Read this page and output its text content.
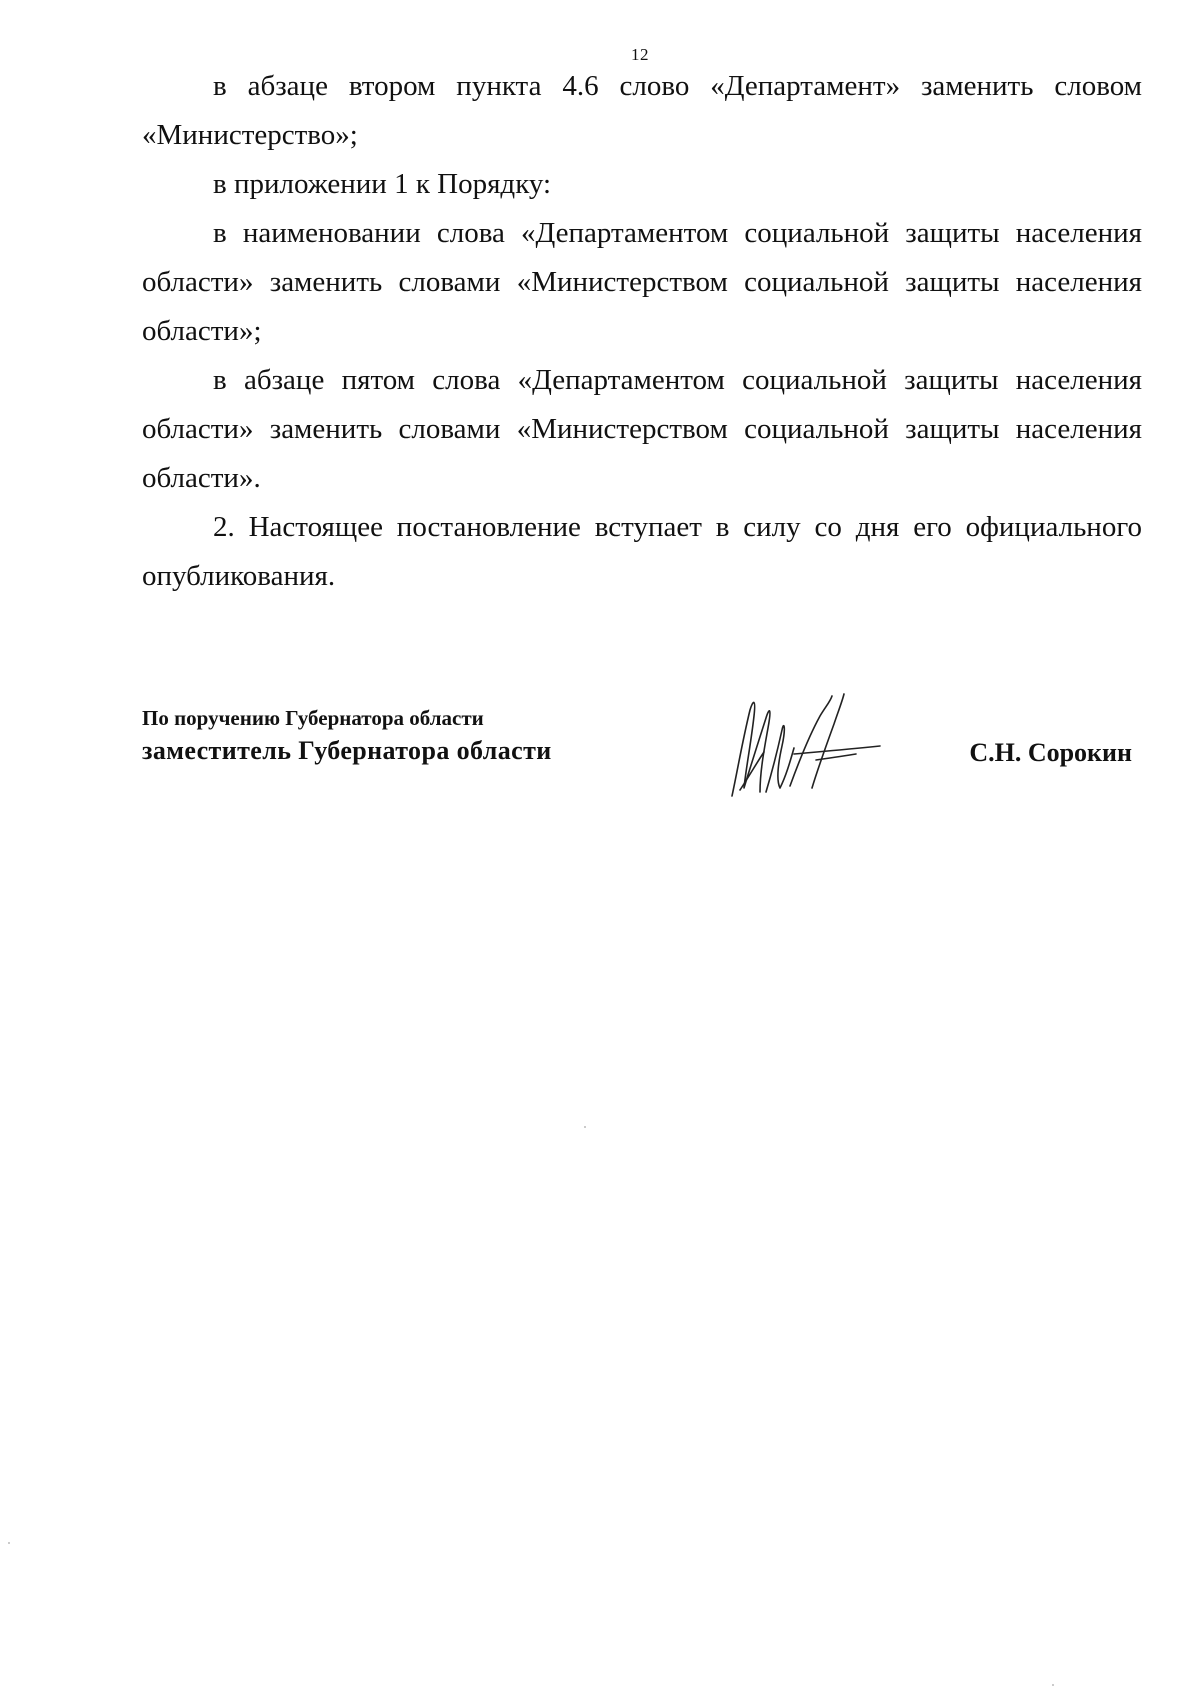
12

в абзаце втором пункта 4.6 слово «Департамент» заменить словом «Министерство»;

в приложении 1 к Порядку:

в наименовании слова «Департаментом социальной защиты населения области» заменить словами «Министерством социальной защиты населения области»;

в абзаце пятом слова «Департаментом социальной защиты населения области» заменить словами «Министерством социальной защиты населения области».

2. Настоящее постановление вступает в силу со дня его официального опубликования.

По поручению Губернатора области
заместитель Губернатора области	С.Н. Сорокин
